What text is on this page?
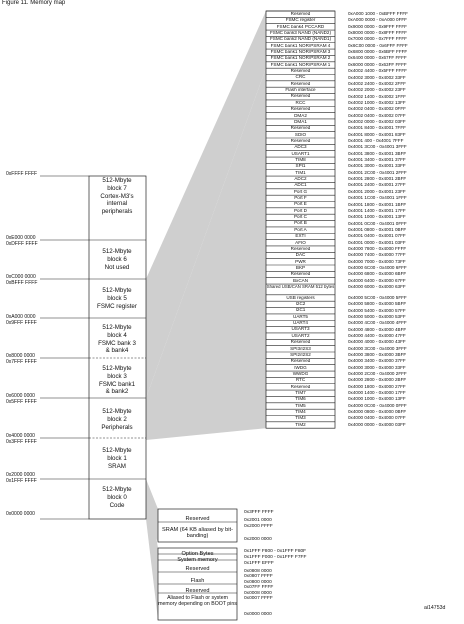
Figure 11. Memory map
0xFFFF FFFF
0xE000 0000
0xDFFF FFFF
0xC000 0000
0xBFFF FFFF
0xA000 0000
0x9FFF FFFF
0x8000 0000
0x7FFF FFFF
0x6000 0000
0x5FFF FFFF
0x4000 0000
0x3FFF FFFF
0x2000 0000
0x1FFF FFFF
0x0000 0000
512-Mbyte
block 7
Cortex-M3's
internal
peripherals
512-Mbyte
block 6
Not used
512-Mbyte
block 5
FSMC register
512-Mbyte
block 4
FSMC bank 3
& bank4
512-Mbyte
block 3
FSMC bank1
& bank2
512-Mbyte
block 2
Peripherals
512-Mbyte
block 1
SRAM
512-Mbyte
block 0
Code
Reserved	0xA000 1000 - 0xBFFF FFFF
FSMC register	0xA000 0000 - 0xA000 0FFF
FSMC bank4 PCCARD	0x9000 0000 - 0x9FFF FFFF
FSMC bank3 NAND (NAND2)	0x8000 0000 - 0x8FFF FFFF
FSMC bank2 NAND (NAND1)	0x7000 0000 - 0x7FFF FFFF
FSMC bank1 NOR/PSRAM 4	0x6C00 0000 - 0x6FFF FFFF
FSMC bank1 NOR/PSRAM 3	0x6800 0000 - 0x6BFF FFFF
FSMC bank1 NOR/PSRAM 2	0x6400 0000 - 0x67FF FFFF
FSMC bank1 NOR/PSRAM 1	0x6000 0000 - 0x63FF FFFF
Reserved	0x4002 4400 - 0x5FFF FFFF
CRC	0x4002 3000 - 0x4002 33FF
Reserved	0x4002 2400 - 0x4002 2FFF
Flash interface	0x4002 2000 - 0x4002 23FF
Reserved	0x4002 1400 - 0x4002 1FFF
RCC	0x4002 1000 - 0x4002 13FF
Reserved	0x4002 0400 - 0x4002 0FFF
DMA2	0x4002 0400 - 0x4002 07FF
DMA1	0x4002 0000 - 0x4002 03FF
Reserved	0x4001 8400 - 0x4001 7FFF
SDIO	0x4001 8000 - 0x4001 83FF
Reserved	0x4001 400 - 0x4001 7FFF
ADC3	0x4001 3C00 - 0x4001 3FFF
USART1	0x4001 3800 - 0x4001 3BFF
TIM8	0x4001 3400 - 0x4001 37FF
SPI1	0x4001 3000 - 0x4001 33FF
TIM1	0x4001 2C00 - 0x4001 2FFF
ADC2	0x4001 2800 - 0x4001 2BFF
ADC1	0x4001 2400 - 0x4001 27FF
Port G	0x4001 2000 - 0x4001 23FF
Port F	0x4001 1C00 - 0x4001 1FFF
Port E	0x4001 1800 - 0x4001 1BFF
Port D	0x4001 1400 - 0x4001 17FF
Port C	0x4001 1000 - 0x4001 13FF
Port B	0x4001 0C00 - 0x4001 0FFF
Port A	0x4001 0800 - 0x4001 0BFF
EXTI	0x4001 0400 - 0x4001 07FF
AFIO	0x4001 0000 - 0x4001 03FF
Reserved	0x4000 7800 - 0x4000 FFFF
DAC	0x4000 7400 - 0x4000 77FF
PWR	0x4000 7000 - 0x4000 73FF
BKP	0x4000 6C00 - 0x4000 6FFF
Reserved	0x4000 6800 - 0x4000 6BFF
BxCAN	0x4000 6400 - 0x4000 67FF
Shared USB/CAN SRAM 512 bytes	0x4000 6000 - 0x4000 63FF
USB registers	0x4000 5C00 - 0x4000 5FFF
I2C2	0x4000 5800 - 0x4000 5BFF
I2C1	0x4000 5400 - 0x4000 57FF
UART5	0x4000 5000 - 0x4000 53FF
UART4	0x4000 4C00 - 0x4000 4FFF
USART3	0x4000 4800 - 0x4000 4BFF
USART2	0x4000 4400 - 0x4000 47FF
Reserved	0x4000 4000 - 0x4000 43FF
SPI3/I2S3	0x4000 3C00 - 0x4000 3FFF
SPI2/I2S2	0x4000 3800 - 0x4000 3BFF
Reserved	0x4000 3400 - 0x4000 37FF
IWDG	0x4000 3000 - 0x4000 33FF
WWDG	0x4000 2C00 - 0x4000 2FFF
RTC	0x4000 2800 - 0x4000 2BFF
Reserved	0x4000 1800 - 0x4000 27FF
TIM7	0x4000 1400 - 0x4000 17FF
TIM6	0x4000 1000 - 0x4000 13FF
TIM5	0x4000 0C00 - 0x4000 0FFF
TIM4	0x4000 0800 - 0x4000 0BFF
TIM3	0x4000 0400 - 0x4000 07FF
TIM2	0x4000 0000 - 0x4000 03FF
Reserved
SRAM (64 KB aliased by bit-banding)
0x3FFF FFFF
0x2001 0000
0x2000 FFFF
0x2000 0000
Option Bytes
System memory
Reserved
Flash
Reserved
Aliased to Flash or system memory depending on BOOT pins
0x1FFF F800 - 0x1FFF F80F
0x1FFF F000 - 0x1FFF F7FF
0x1FFF EFFF
0x0808 0000
0x0807 FFFF
0x0800 0000
0x07FF FFFF
0x0008 0000
0x0007 FFFF
0x0000 0000
ai14753d
